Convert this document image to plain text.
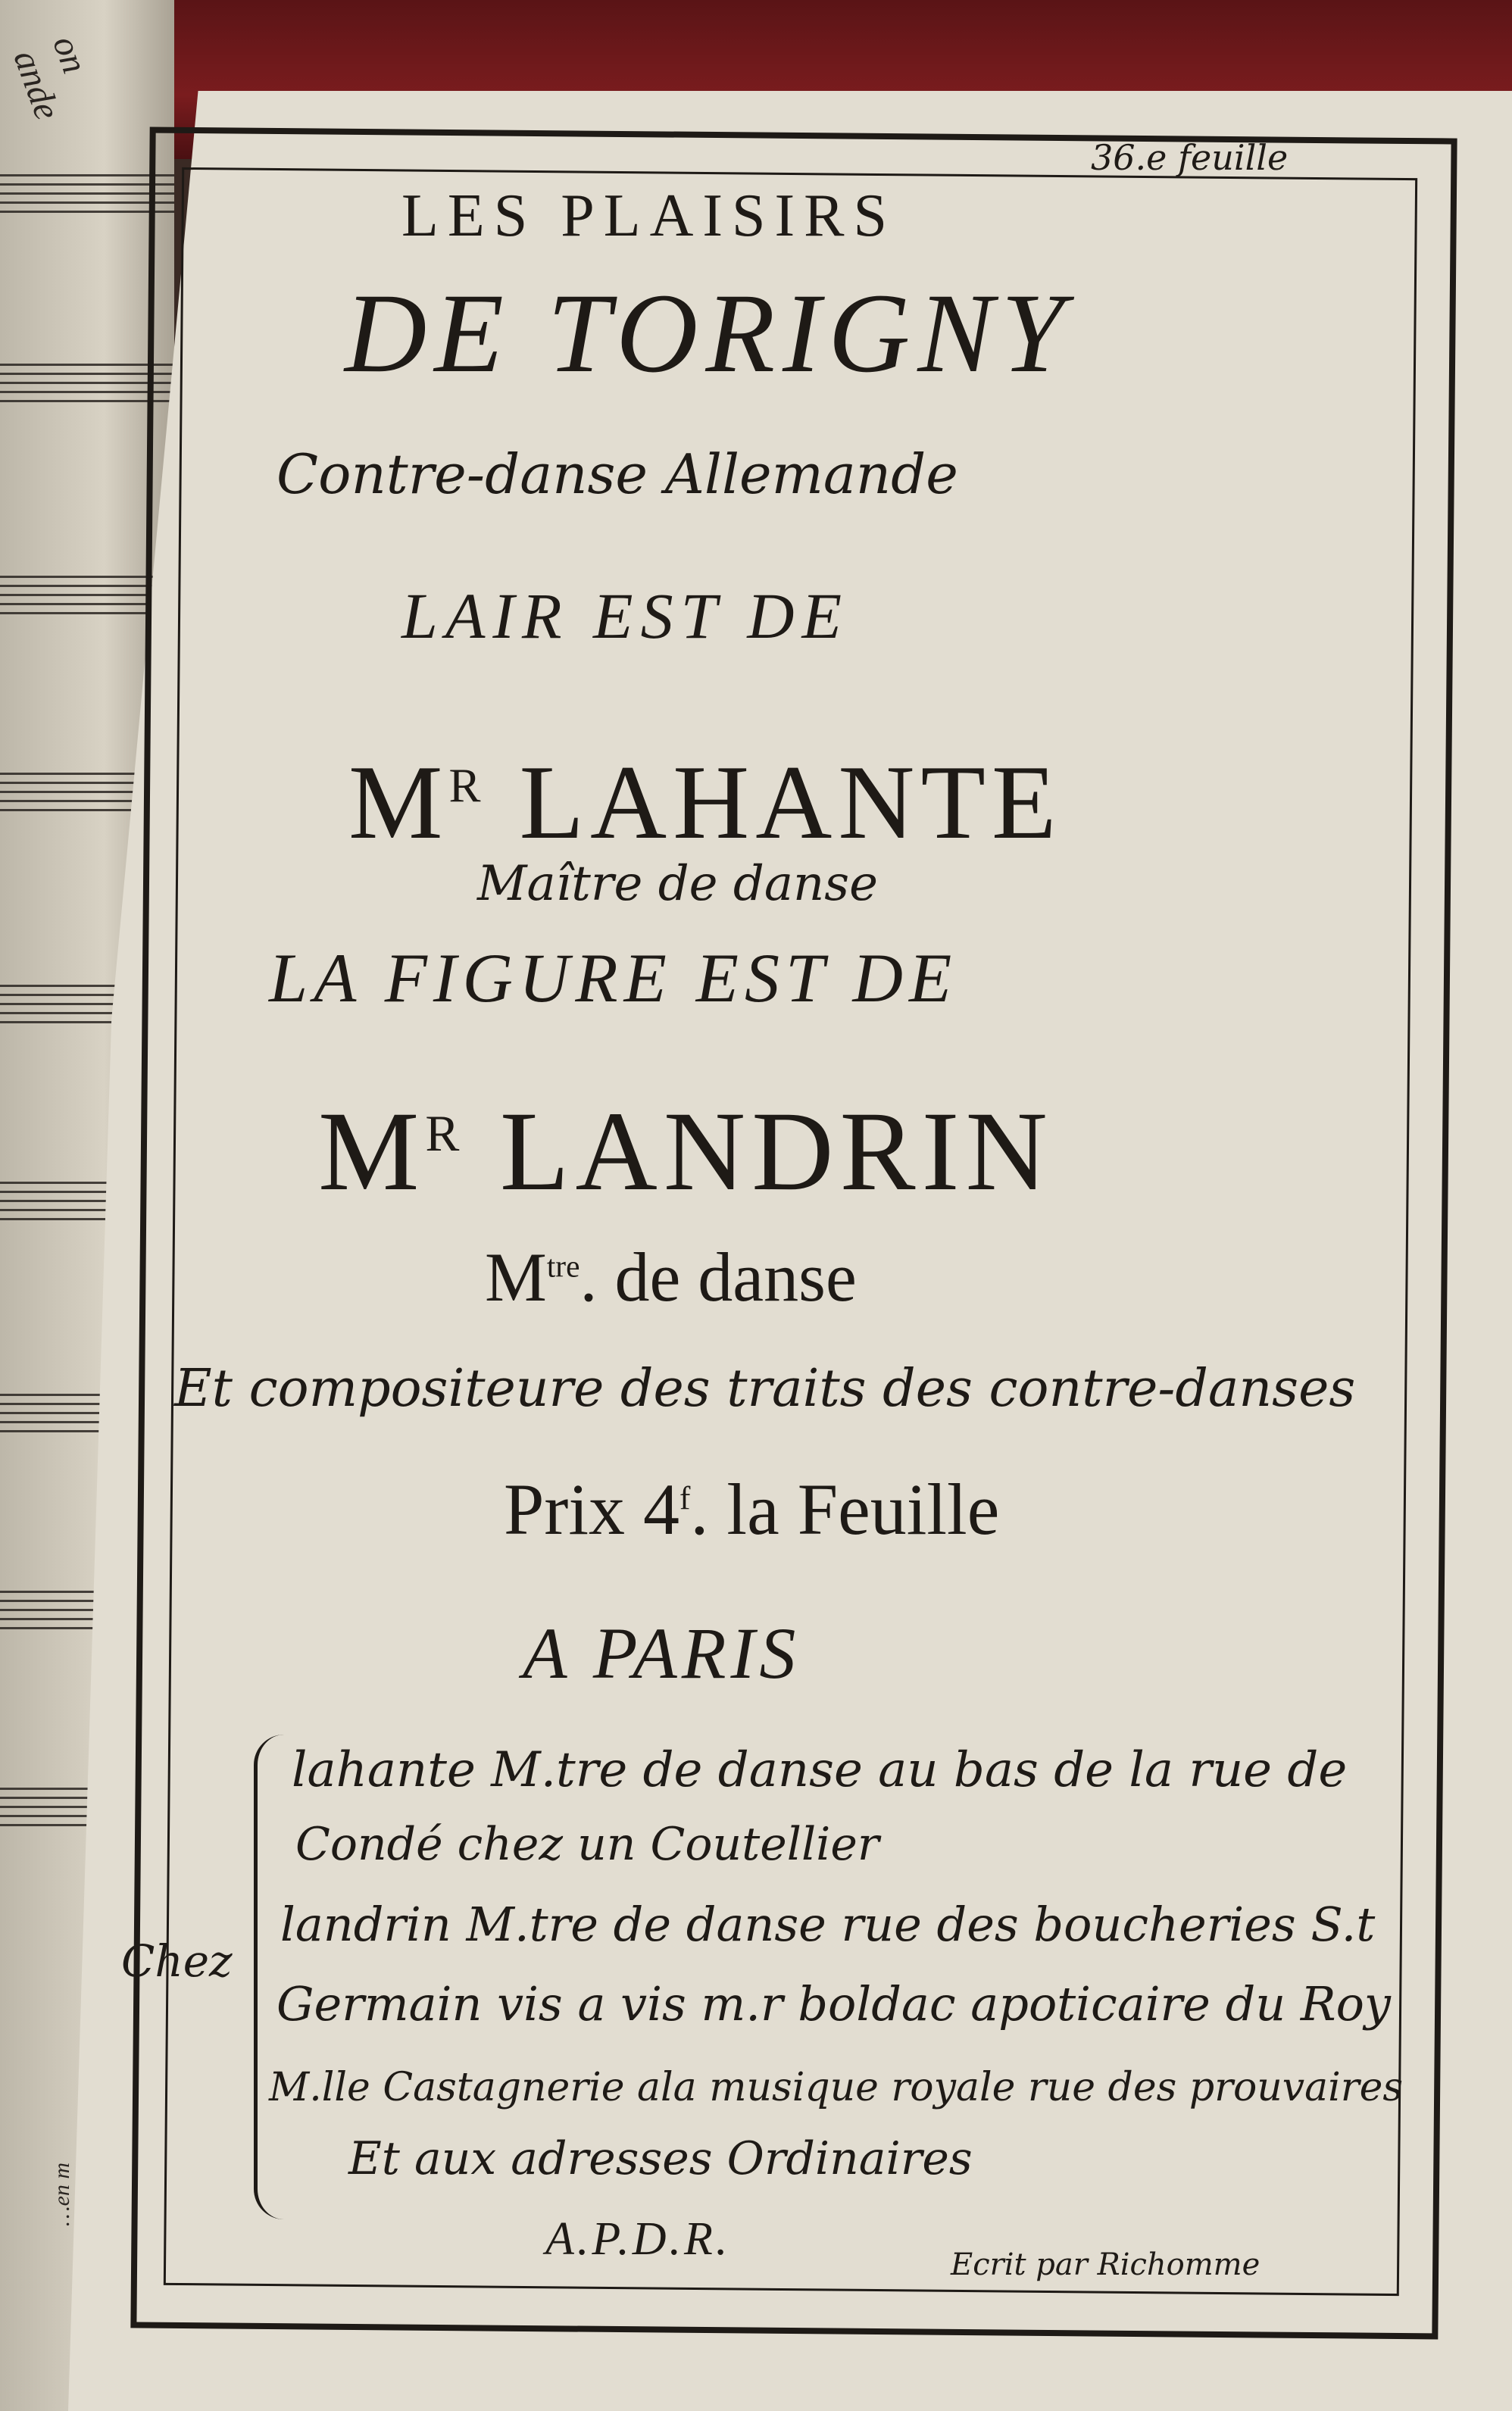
on ande
…en m
36.e feuille
LES PLAISIRS
DE TORIGNY
Contre-danse Allemande
LAIR EST DE
$M^R$ LAHANTE
Maître de danse
LA FIGURE EST DE
$M^R$ LANDRIN
$M^{tre}$. de danse
Et compositeure des traits des contre-danses
Prix 4$^f$. la Feuille
A PARIS
Chez
lahante M.tre de danse au bas de la rue de
Condé chez un Coutellier
landrin M.tre de danse rue des boucheries S.t
Germain vis a vis m.r boldac apoticaire du Roy
M.lle Castagnerie ala musique royale rue des prouvaires
Et aux adresses Ordinaires
A.P.D.R.	Ecrit par Richomme
